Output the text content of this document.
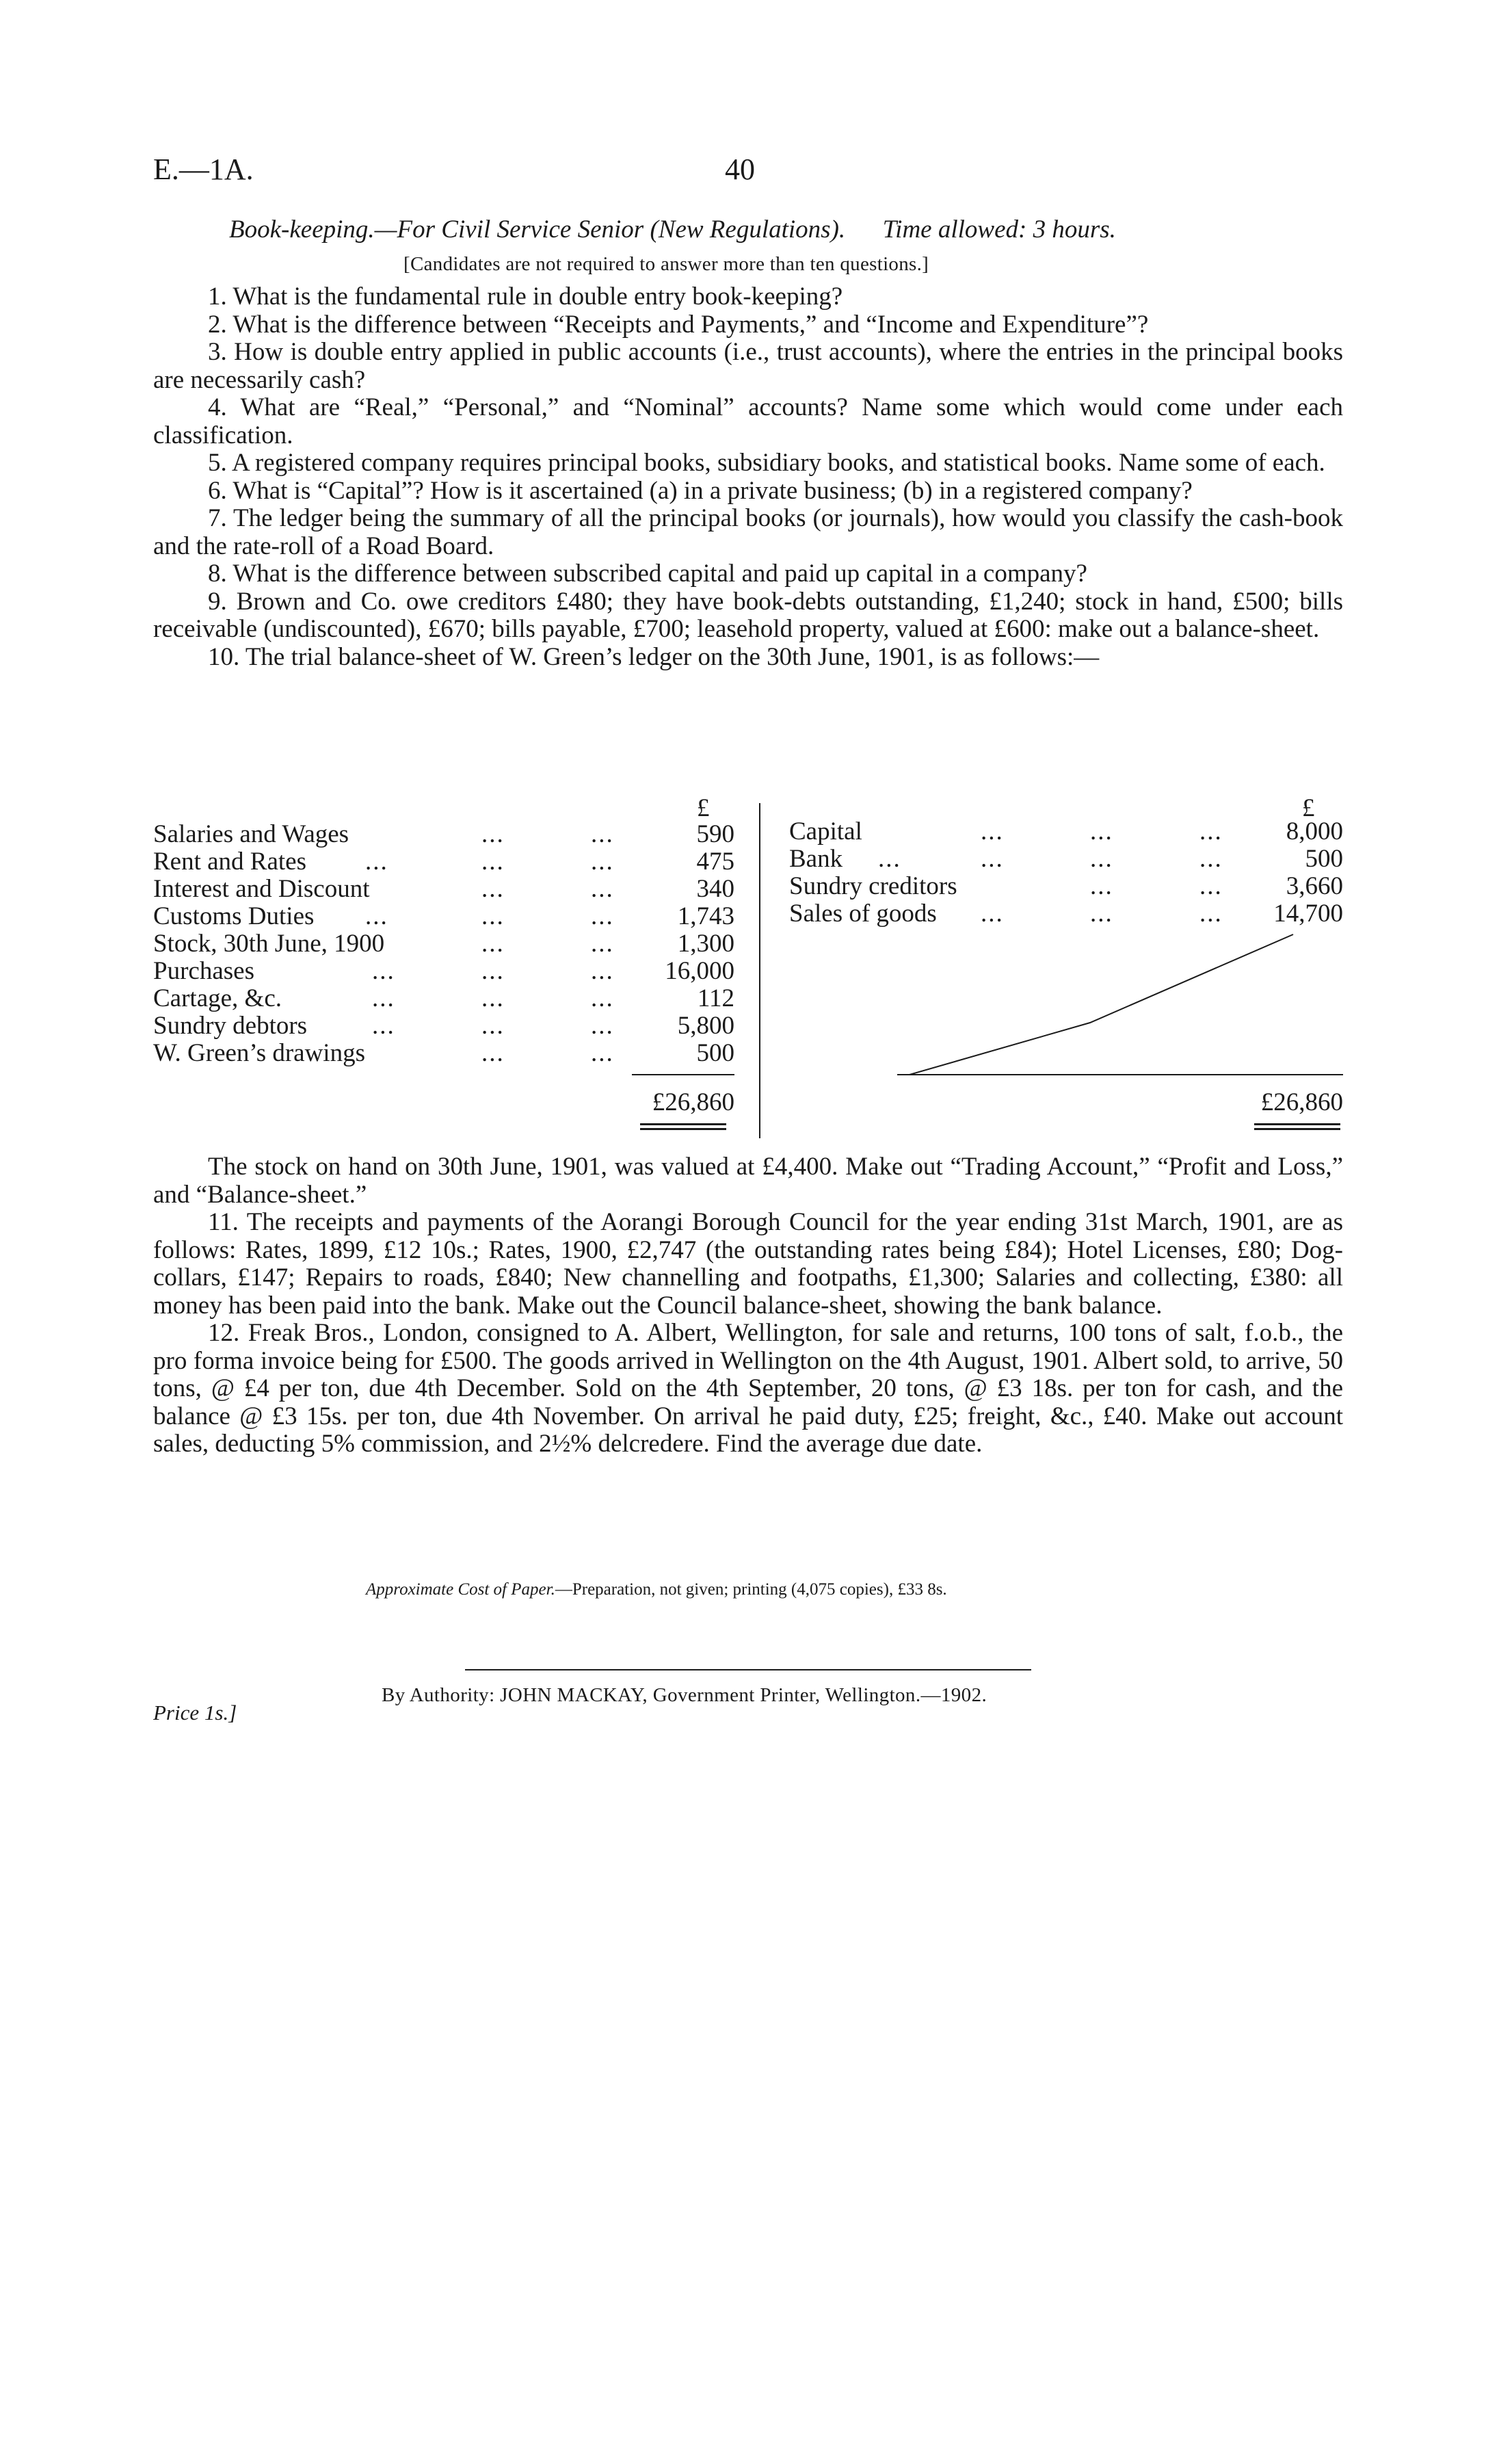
E.—1A.	40
Book-keeping.—For Civil Service Senior (New Regulations). Time allowed: 3 hours.
[Candidates are not required to answer more than ten questions.]
1. What is the fundamental rule in double entry book-keeping?
2. What is the difference between “Receipts and Payments,” and “Income and Expenditure”?
3. How is double entry applied in public accounts (i.e., trust accounts), where the entries in the principal books are necessarily cash?
4. What are “Real,” “Personal,” and “Nominal” accounts? Name some which would come under each classification.
5. A registered company requires principal books, subsidiary books, and statistical books. Name some of each.
6. What is “Capital”? How is it ascertained (a) in a private business; (b) in a registered company?
7. The ledger being the summary of all the principal books (or journals), how would you classify the cash-book and the rate-roll of a Road Board.
8. What is the difference between subscribed capital and paid up capital in a company?
9. Brown and Co. owe creditors £480; they have book-debts outstanding, £1,240; stock in hand, £500; bills receivable (undiscounted), £670; bills payable, £700; leasehold property, valued at £600: make out a balance-sheet.
10. The trial balance-sheet of W. Green’s ledger on the 30th June, 1901, is as follows:—
£	£
Salaries and Wages	...	...	590
Rent and Rates ...	...	...	475
Interest and Discount	...	...	340
Customs Duties ...	...	...	1,743
Stock, 30th June, 1900	...	...	1,300
Purchases	...	...	... 16,000
Cartage, &c.	...	...	...	112
Sundry debtors	...	...	...	5,800
W. Green’s drawings	...	...	500
£26,860
Capital	...	...	...	8,000
Bank ...	...	...	...	500
Sundry creditors	...	...	3,660
Sales of goods ...	...	... 14,700
£26,860
The stock on hand on 30th June, 1901, was valued at £4,400. Make out “Trading Account,” “Profit and Loss,” and “Balance-sheet.”
11. The receipts and payments of the Aorangi Borough Council for the year ending 31st March, 1901, are as follows: Rates, 1899, £12 10s.; Rates, 1900, £2,747 (the outstanding rates being £84); Hotel Licenses, £80; Dog-collars, £147; Repairs to roads, £840; New channelling and footpaths, £1,300; Salaries and collecting, £380: all money has been paid into the bank. Make out the Council balance-sheet, showing the bank balance.
12. Freak Bros., London, consigned to A. Albert, Wellington, for sale and returns, 100 tons of salt, f.o.b., the pro forma invoice being for £500. The goods arrived in Wellington on the 4th August, 1901. Albert sold, to arrive, 50 tons, @ £4 per ton, due 4th December. Sold on the 4th September, 20 tons, @ £3 18s. per ton for cash, and the balance @ £3 15s. per ton, due 4th November. On arrival he paid duty, £25; freight, &c., £40. Make out account sales, deducting 5% commission, and 2½% delcredere. Find the average due date.
Approximate Cost of Paper.—Preparation, not given; printing (4,075 copies), £33 8s.
By Authority: JOHN MACKAY, Government Printer, Wellington.—1902.
Price 1s.]
